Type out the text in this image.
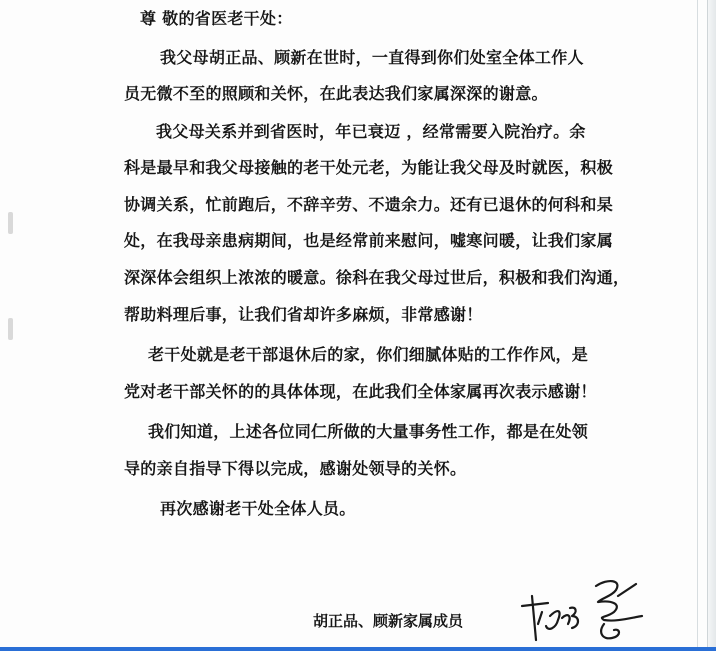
尊 敬的省医老干处：
我父母胡正品、顾新在世时，一直得到你们处室全体工作人
员无微不至的照顾和关怀，在此表达我们家属深深的谢意。
我父母关系并到省医时，年已衰迈 ，经常需要入院治疗。余
科是最早和我父母接触的老干处元老，为能让我父母及时就医，积极
协调关系，忙前跑后，不辞辛劳、不遗余力。还有已退休的何科和杲
处，在我母亲患病期间，也是经常前来慰问，嘘寒问暖，让我们家属
深深体会组织上浓浓的暖意。徐科在我父母过世后，积极和我们沟通，
帮助料理后事，让我们省却许多麻烦，非常感谢！
老干处就是老干部退休后的家，你们细腻体贴的工作作风，是
党对老干部关怀的的具体体现，在此我们全体家属再次表示感谢！
我们知道，上述各位同仁所做的大量事务性工作，都是在处领
导的亲自指导下得以完成，感谢处领导的关怀。
再次感谢老干处全体人员。
胡正品、顾新家属成员
